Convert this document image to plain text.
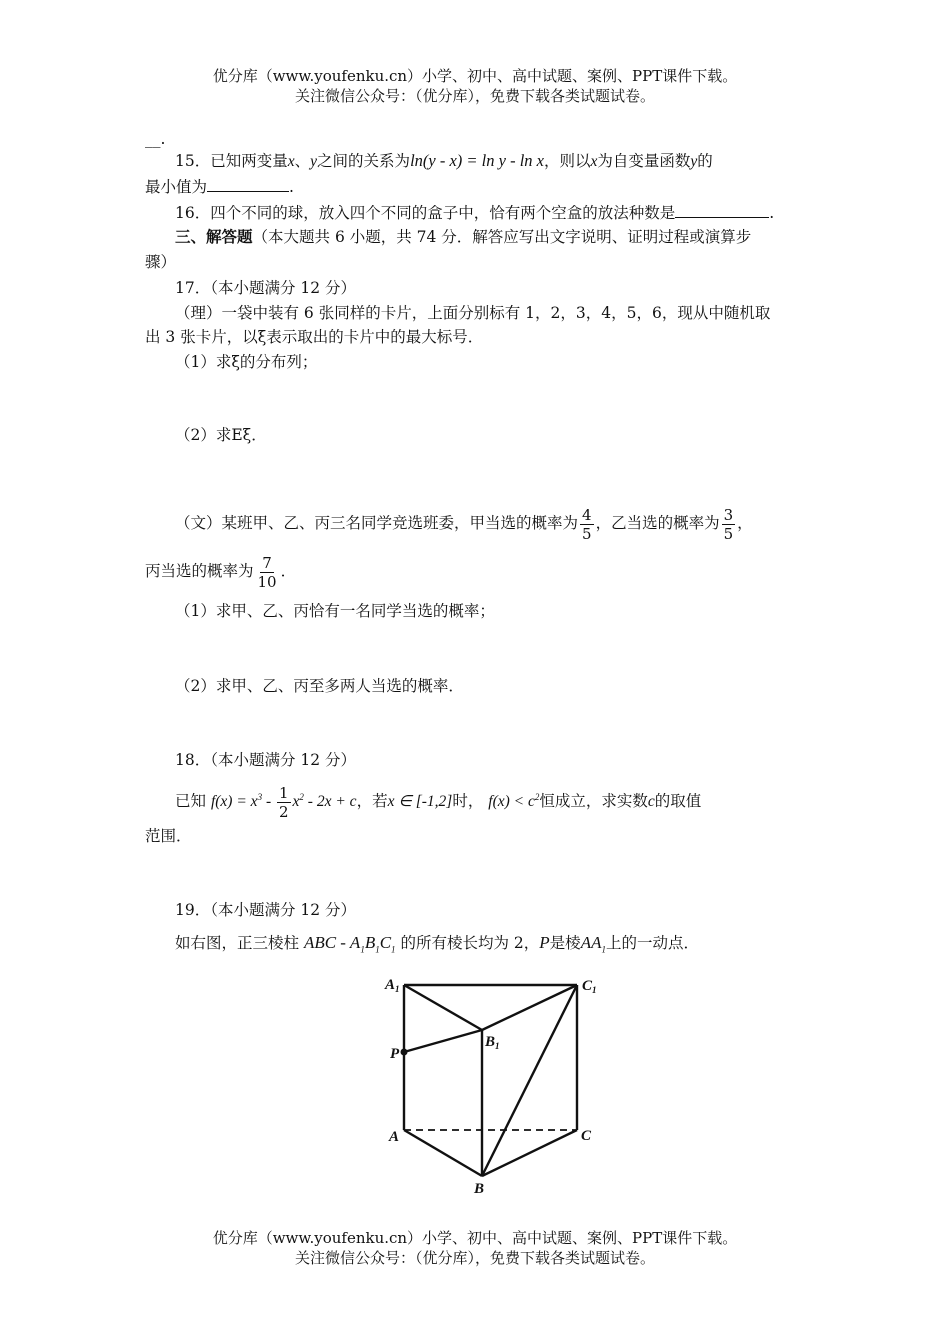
优分库（www.youfenku.cn）小学、初中、高中试题、案例、PPT课件下载。
关注微信公众号：（优分库），免费下载各类试题试卷。
__.
15．已知两变量x、y之间的关系为ln(y - x) = ln y - ln x，则以x为自变量函数y的
最小值为	.
16．四个不同的球，放入四个不同的盒子中，恰有两个空盒的放法种数是	.
三、解答题（本大题共 6 小题，共 74 分．解答应写出文字说明、证明过程或演算步
骤）
17．（本小题满分 12 分）
（理）一袋中装有 6 张同样的卡片，上面分别标有 1，2，3，4，5，6，现从中随机取
出 3 张卡片，以ξ表示取出的卡片中的最大标号．
（1）求ξ的分布列；
（2）求Eξ．
（文）某班甲、乙、丙三名同学竞选班委，甲当选的概率为 $\frac{4}{5}$ ，乙当选的概率为 $\frac{3}{5}$ ，
丙当选的概率为 $\frac{7}{10}$ ．
（1）求甲、乙、丙恰有一名同学当选的概率；
（2）求甲、乙、丙至多两人当选的概率．
18．（本小题满分 12 分）
已知 $f(x) = x^3 - \frac{1}{2} x^2 - 2x + c$，若x ∈ [-1,2]时， $f(x) < c^2$恒成立，求实数c的取值
范围．
19．（本小题满分 12 分）
如右图，正三棱柱 ABC - $A_1B_1C_1$ 的所有棱长均为 2，P是棱$AA_1$上的一动点．
$A_1$	$C_1$
$B_1$
P
A	C
B
优分库（www.youfenku.cn）小学、初中、高中试题、案例、PPT课件下载。
关注微信公众号：（优分库），免费下载各类试题试卷。
